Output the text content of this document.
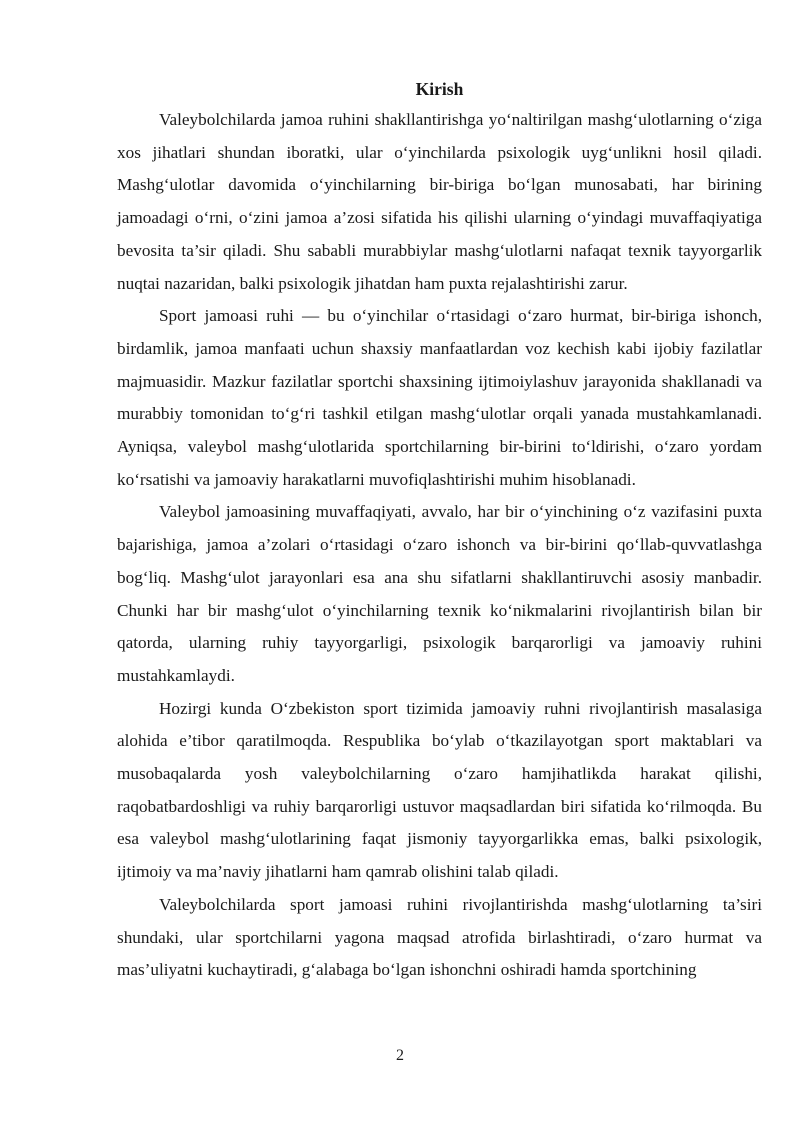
Kirish

Valeybolchilarda jamoa ruhini shakllantirishga yo‘naltirilgan mashg‘ulotlarning o‘ziga xos jihatlari shundan iboratki, ular o‘yinchilarda psixologik uyg‘unlikni hosil qiladi. Mashg‘ulotlar davomida o‘yinchilarning bir-biriga bo‘lgan munosabati, har birining jamoadagi o‘rni, o‘zini jamoa a’zosi sifatida his qilishi ularning o‘yindagi muvaffaqiyatiga bevosita ta’sir qiladi. Shu sababli murabbiylar mashg‘ulotlarni nafaqat texnik tayyorgarlik nuqtai nazaridan, balki psixologik jihatdan ham puxta rejalashtirishi zarur.

Sport jamoasi ruhi — bu o‘yinchilar o‘rtasidagi o‘zaro hurmat, bir-biriga ishonch, birdamlik, jamoa manfaati uchun shaxsiy manfaatlardan voz kechish kabi ijobiy fazilatlar majmuasidir. Mazkur fazilatlar sportchi shaxsining ijtimoiylashuv jarayonida shakllanadi va murabbiy tomonidan to‘g‘ri tashkil etilgan mashg‘ulotlar orqali yanada mustahkamlanadi. Ayniqsa, valeybol mashg‘ulotlarida sportchilarning bir-birini to‘ldirishi, o‘zaro yordam ko‘rsatishi va jamoaviy harakatlarni muvofiqlashtirishi muhim hisoblanadi.

Valeybol jamoasining muvaffaqiyati, avvalo, har bir o‘yinchining o‘z vazifasini puxta bajarishiga, jamoa a’zolari o‘rtasidagi o‘zaro ishonch va bir-birini qo‘llab-quvvatlashga bog‘liq. Mashg‘ulot jarayonlari esa ana shu sifatlarni shakllantiruvchi asosiy manbadir. Chunki har bir mashg‘ulot o‘yinchilarning texnik ko‘nikmalarini rivojlantirish bilan bir qatorda, ularning ruhiy tayyorgarligi, psixologik barqarorligi va jamoaviy ruhini mustahkamlaydi.

Hozirgi kunda O‘zbekiston sport tizimida jamoaviy ruhni rivojlantirish masalasiga alohida e’tibor qaratilmoqda. Respublika bo‘ylab o‘tkazilayotgan sport maktablari va musobaqalarda yosh valeybolchilarning o‘zaro hamjihatlikda harakat qilishi, raqobatbardoshligi va ruhiy barqarorligi ustuvor maqsadlardan biri sifatida ko‘rilmoqda. Bu esa valeybol mashg‘ulotlarining faqat jismoniy tayyorgarlikka emas, balki psixologik, ijtimoiy va ma’naviy jihatlarni ham qamrab olishini talab qiladi.

Valeybolchilarda sport jamoasi ruhini rivojlantirishda mashg‘ulotlarning ta’siri shundaki, ular sportchilarni yagona maqsad atrofida birlashtiradi, o‘zaro hurmat va mas’uliyatni kuchaytiradi, g‘alabaga bo‘lgan ishonchni oshiradi hamda sportchining

2
